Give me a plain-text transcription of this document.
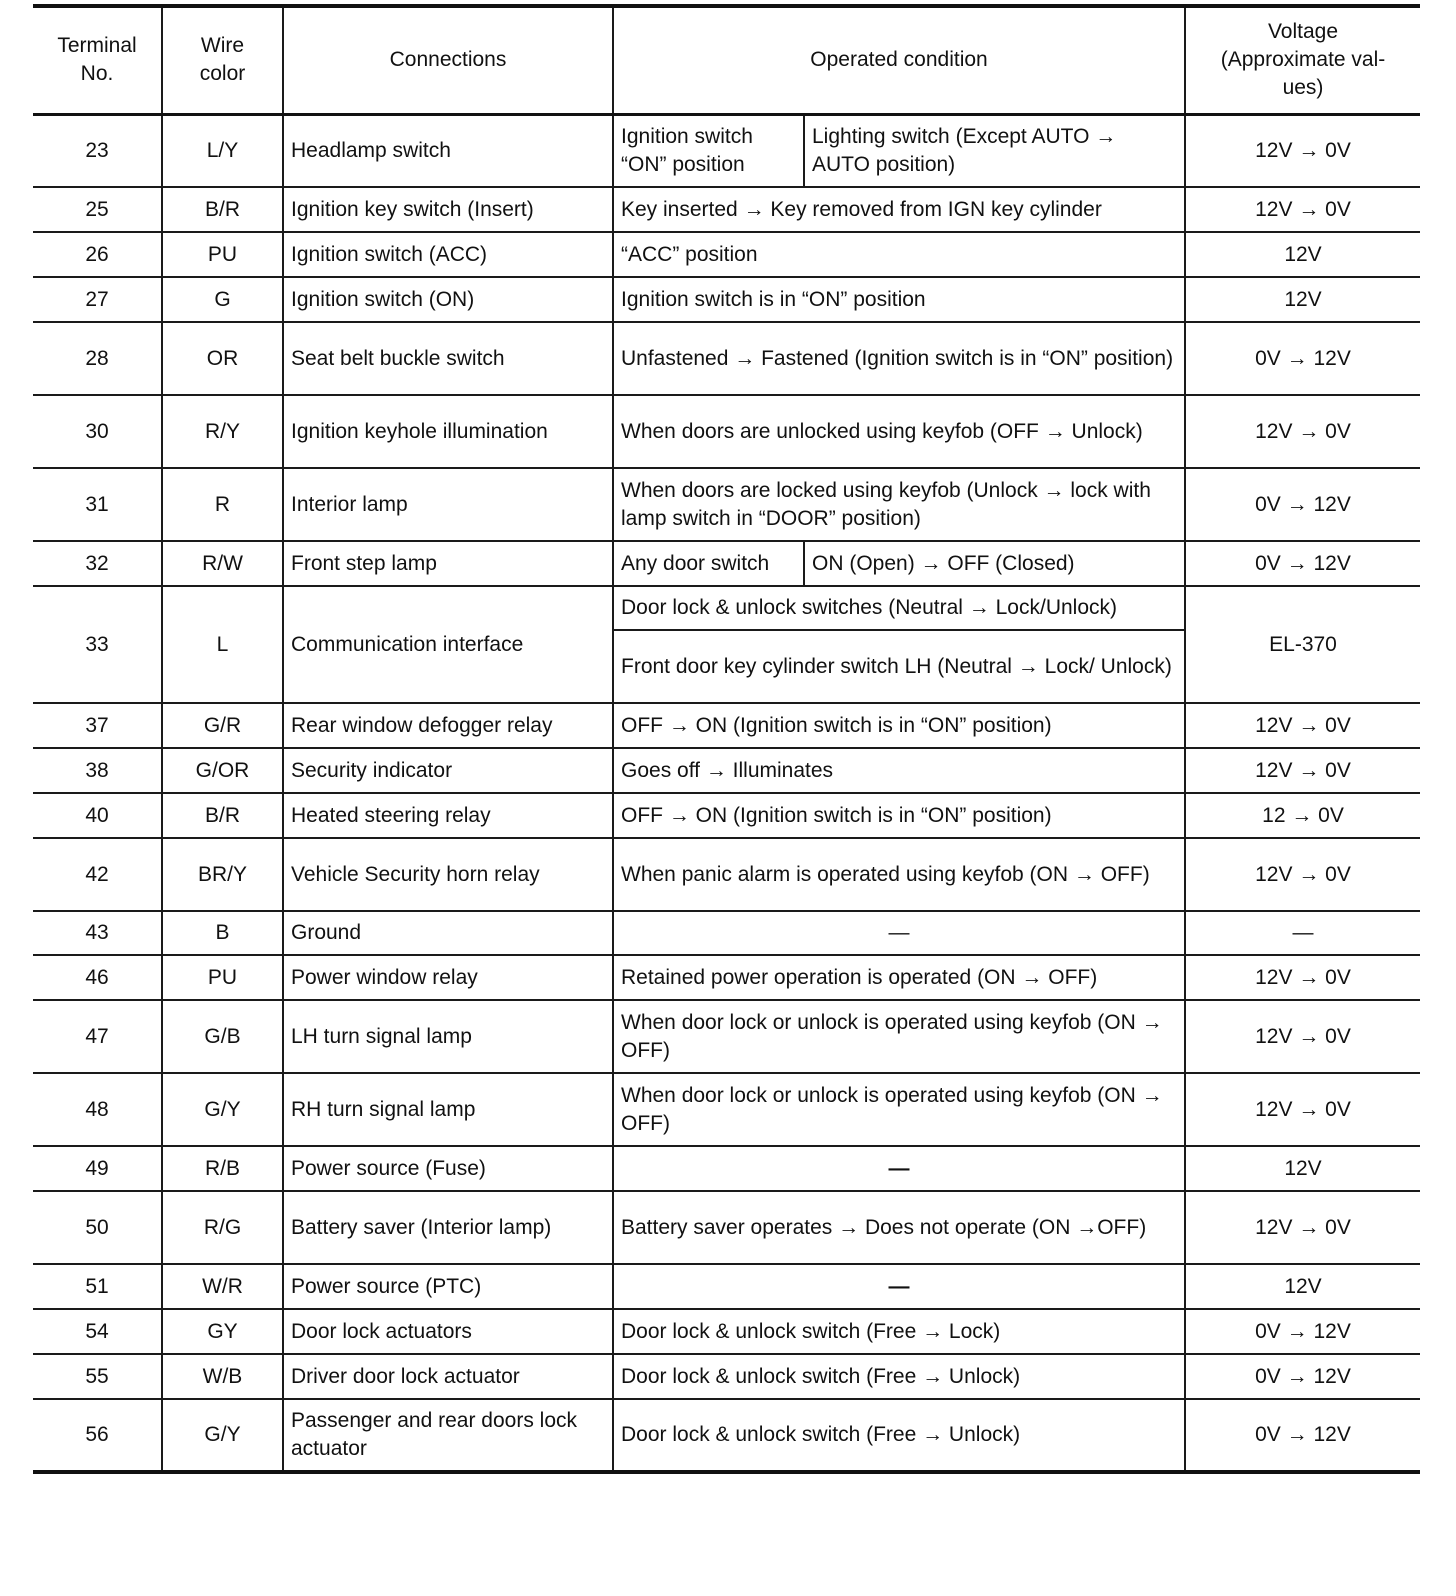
Terminal No.	Wire color	Connections	Operated condition		Voltage (Approximate val- ues)
23	L/Y	Headlamp switch	Ignition switch “ON” position	Lighting switch (Except AUTO → AUTO position)	12V → 0V
25	B/R	Ignition key switch (Insert)	Key inserted → Key removed from IGN key cylinder		12V → 0V
26	PU	Ignition switch (ACC)	“ACC” position		12V
27	G	Ignition switch (ON)	Ignition switch is in “ON” position		12V
28	OR	Seat belt buckle switch	Unfastened → Fastened (Ignition switch is in “ON” position)		0V → 12V
30	R/Y	Ignition keyhole illumination	When doors are unlocked using keyfob (OFF → Unlock)		12V → 0V
31	R	Interior lamp	When doors are locked using keyfob (Unlock → lock with lamp switch in “DOOR” position)		0V → 12V
32	R/W	Front step lamp	Any door switch	ON (Open) → OFF (Closed)	0V → 12V
33	L	Communication interface	Door lock & unlock switches (Neutral → Lock/Unlock)		EL-370
			Front door key cylinder switch LH (Neutral → Lock/ Unlock)		
37	G/R	Rear window defogger relay	OFF → ON (Ignition switch is in “ON” position)		12V → 0V
38	G/OR	Security indicator	Goes off → Illuminates		12V → 0V
40	B/R	Heated steering relay	OFF → ON (Ignition switch is in “ON” position)		12 → 0V
42	BR/Y	Vehicle Security horn relay	When panic alarm is operated using keyfob (ON → OFF)		12V → 0V
43	B	Ground	—		—
46	PU	Power window relay	Retained power operation is operated (ON → OFF)		12V → 0V
47	G/B	LH turn signal lamp	When door lock or unlock is operated using keyfob (ON → OFF)		12V → 0V
48	G/Y	RH turn signal lamp	When door lock or unlock is operated using keyfob (ON → OFF)		12V → 0V
49	R/B	Power source (Fuse)	—		12V
50	R/G	Battery saver (Interior lamp)	Battery saver operates → Does not operate (ON →OFF)		12V → 0V
51	W/R	Power source (PTC)	—		12V
54	GY	Door lock actuators	Door lock & unlock switch (Free → Lock)		0V → 12V
55	W/B	Driver door lock actuator	Door lock & unlock switch (Free → Unlock)		0V → 12V
56	G/Y	Passenger and rear doors lock actuator	Door lock & unlock switch (Free → Unlock)		0V → 12V
